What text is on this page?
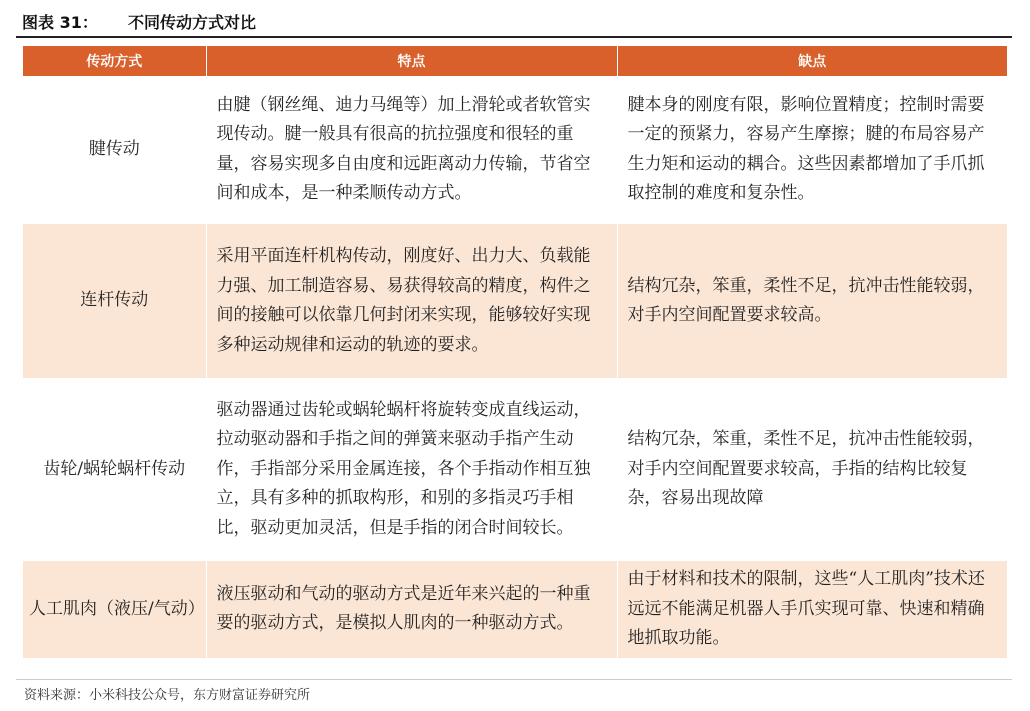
图表 31： 不同传动方式对比
传动方式	特点	缺点
腱传动	由腱（钢丝绳、迪力马绳等）加上滑轮或者软管实现传动。腱一般具有很高的抗拉强度和很轻的重量，容易实现多自由度和远距离动力传输，节省空间和成本，是一种柔顺传动方式。	腱本身的刚度有限，影响位置精度；控制时需要一定的预紧力，容易产生摩擦；腱的布局容易产生力矩和运动的耦合。这些因素都增加了手爪抓取控制的难度和复杂性。
连杆传动	采用平面连杆机构传动，刚度好、出力大、负载能力强、加工制造容易、易获得较高的精度，构件之间的接触可以依靠几何封闭来实现，能够较好实现多种运动规律和运动的轨迹的要求。	结构冗杂，笨重，柔性不足，抗冲击性能较弱，对手内空间配置要求较高。
齿轮/蜗轮蜗杆传动	驱动器通过齿轮或蜗轮蜗杆将旋转变成直线运动，拉动驱动器和手指之间的弹簧来驱动手指产生动作，手指部分采用金属连接，各个手指动作相互独立，具有多种的抓取构形，和别的多指灵巧手相比，驱动更加灵活，但是手指的闭合时间较长。	结构冗杂，笨重，柔性不足，抗冲击性能较弱，对手内空间配置要求较高，手指的结构比较复杂，容易出现故障
人工肌肉（液压/气动）	液压驱动和气动的驱动方式是近年来兴起的一种重要的驱动方式，是模拟人肌肉的一种驱动方式。	由于材料和技术的限制，这些“人工肌肉”技术还远远不能满足机器人手爪实现可靠、快速和精确地抓取功能。
资料来源：小米科技公众号，东方财富证券研究所
